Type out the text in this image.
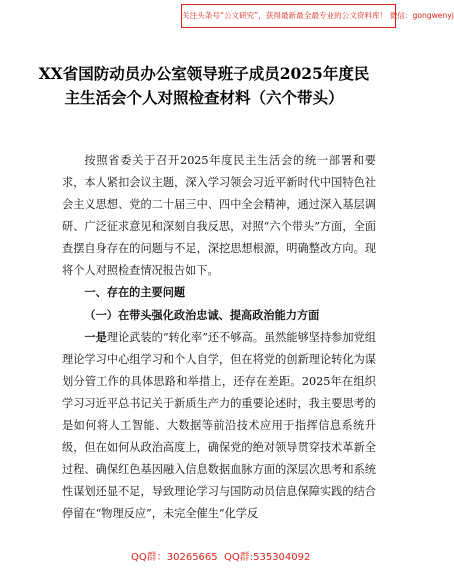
关注头条号“公文研究”，获得最新最全最专业的公文资料库！ 微信：gongwenyj
XX省国防动员办公室领导班子成员2025年度民主生活会个人对照检查材料（六个带头）

按照省委关于召开2025年度民主生活会的统一部署和要求，本人紧扣会议主题，深入学习领会习近平新时代中国特色社会主义思想、党的二十届三中、四中全会精神，通过深入基层调研、广泛征求意见和深刻自我反思，对照“六个带头”方面，全面查摆自身存在的问题与不足，深挖思想根源，明确整改方向。现将个人对照检查情况报告如下。

一、存在的主要问题

（一）在带头强化政治忠诚、提高政治能力方面

一是理论武装的“转化率”还不够高。虽然能够坚持参加党组理论学习中心组学习和个人自学，但在将党的创新理论转化为谋划分管工作的具体思路和举措上，还存在差距。2025年在组织学习习近平总书记关于新质生产力的重要论述时，我主要思考的是如何将人工智能、大数据等前沿技术应用于指挥信息系统升级，但在如何从政治高度上，确保党的绝对领导贯穿技术革新全过程、确保红色基因融入信息数据血脉方面的深层次思考和系统性谋划还显不足，导致理论学习与国防动员信息保障实践的结合停留在“物理反应”，未完全催生“化学反

QQ群：30265665 QQ群:535304092
